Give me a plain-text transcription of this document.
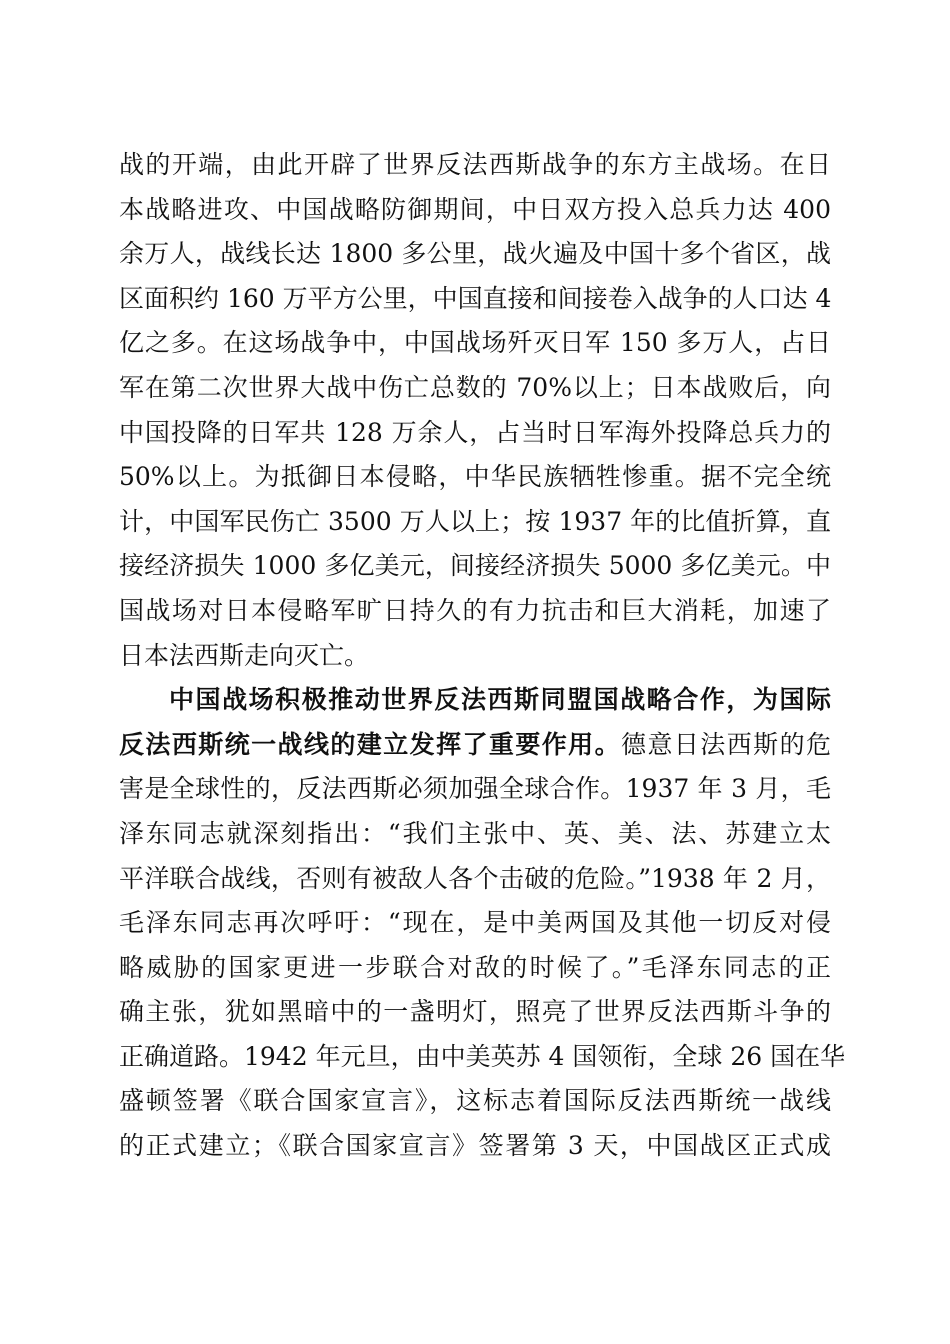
战的开端，由此开辟了世界反法西斯战争的东方主战场。在日
本战略进攻、中国战略防御期间，中日双方投入总兵力达 400
余万人，战线长达 1800 多公里，战火遍及中国十多个省区，战
区面积约 160 万平方公里，中国直接和间接卷入战争的人口达 4
亿之多。在这场战争中，中国战场歼灭日军 150 多万人，占日
军在第二次世界大战中伤亡总数的 70%以上；日本战败后，向
中国投降的日军共 128 万余人，占当时日军海外投降总兵力的
50%以上。为抵御日本侵略，中华民族牺牲惨重。据不完全统
计，中国军民伤亡 3500 万人以上；按 1937 年的比值折算，直
接经济损失 1000 多亿美元，间接经济损失 5000 多亿美元。中
国战场对日本侵略军旷日持久的有力抗击和巨大消耗，加速了
日本法西斯走向灭亡。
中国战场积极推动世界反法西斯同盟国战略合作，为国际
反法西斯统一战线的建立发挥了重要作用。德意日法西斯的危
害是全球性的，反法西斯必须加强全球合作。1937 年 3 月，毛
泽东同志就深刻指出：“我们主张中、英、美、法、苏建立太
平洋联合战线，否则有被敌人各个击破的危险。”1938 年 2 月，
毛泽东同志再次呼吁：“现在，是中美两国及其他一切反对侵
略威胁的国家更进一步联合对敌的时候了。”毛泽东同志的正
确主张，犹如黑暗中的一盏明灯，照亮了世界反法西斯斗争的
正确道路。1942 年元旦，由中美英苏 4 国领衔，全球 26 国在华
盛顿签署《联合国家宣言》，这标志着国际反法西斯统一战线
的正式建立；《联合国家宣言》签署第 3 天，中国战区正式成
